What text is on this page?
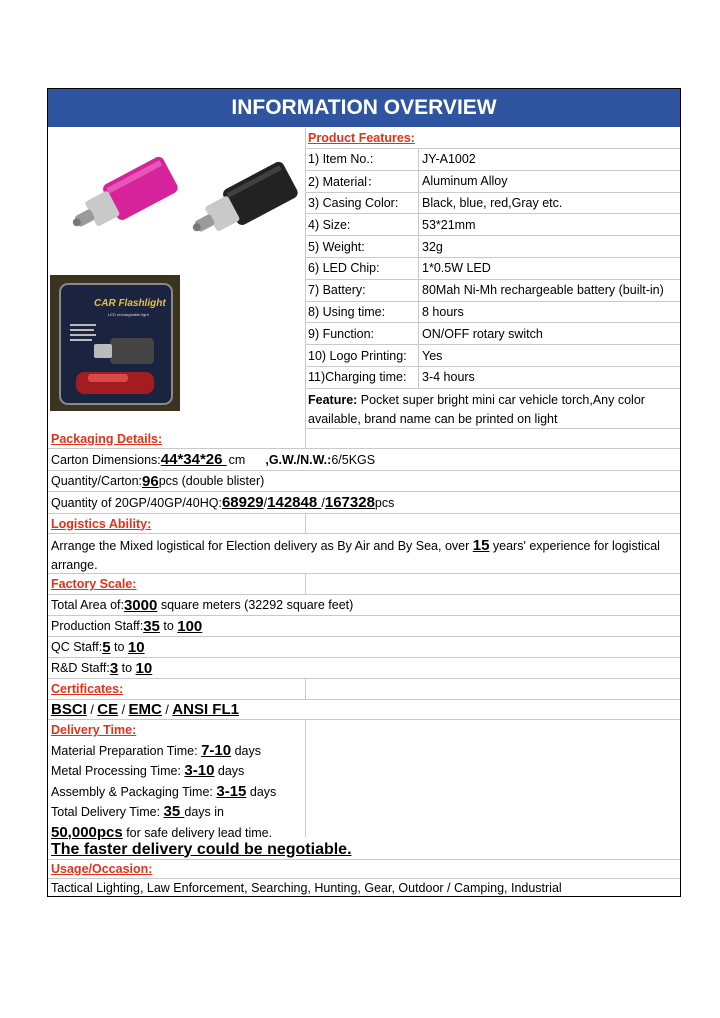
INFORMATION OVERVIEW
CAR Flashlight
LED rechargeable light
Product Features:
1) Item No.:	JY-A1002
2) Material：	Aluminum Alloy
3) Casing Color: Black, blue, red,Gray etc.
4) Size:	53*21mm
5) Weight:	32g
6) LED Chip:	1*0.5W LED
7) Battery:	80Mah Ni-Mh rechargeable battery (built-in)
8) Using time:	8 hours
9) Function:	ON/OFF rotary switch
10) Logo Printing: Yes
11)Charging time: 3-4 hours
Feature: Pocket super bright mini car vehicle torch,Any color available, brand name can be printed on light
Packaging Details:
Carton Dimensions: 44*34*26 cm ,G.W./N.W.: 6/5KGS
Quantity/Carton: 96 pcs (double blister)
Quantity of 20GP/40GP/40HQ: 68929 / 142848 / 167328 pcs
Logistics Ability:
Arrange the Mixed logistical for Election delivery as By Air and By Sea, over 15 years' experience for logistical
arrange.
Factory Scale:
Total Area of: 3000 square meters (32292 square feet)
Production Staff: 35 to 100
QC Staff: 5 to 10
R&D Staff: 3 to 10
Certificates:
BSCI / CE / EMC / ANSI FL1
Delivery Time:
Material Preparation Time: 7-10 days
Metal Processing Time: 3-10 days
Assembly & Packaging Time: 3-15 days
Total Delivery Time: 35 days in
50,000pcs for safe delivery lead time.
The faster delivery could be negotiable.
Usage/Occasion:
Tactical Lighting, Law Enforcement, Searching, Hunting, Gear, Outdoor / Camping, Industrial
